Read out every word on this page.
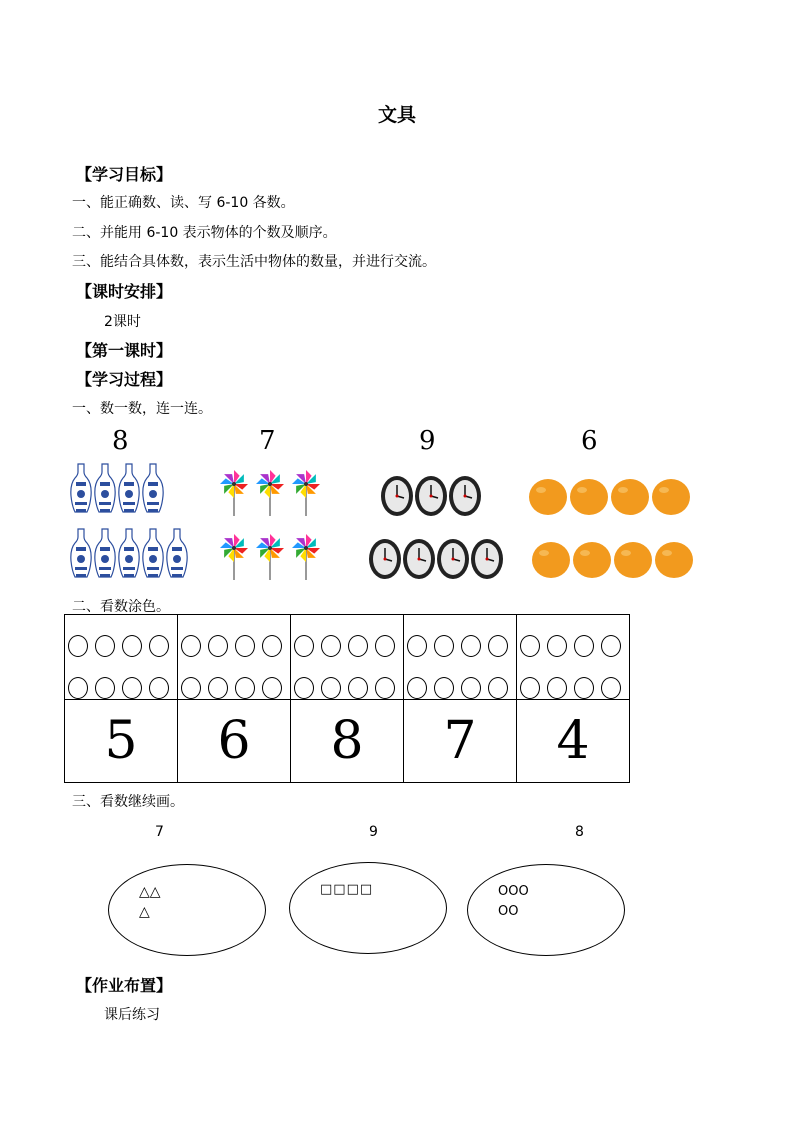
文具
【学习目标】
一、能正确数、读、写 6-10 各数。
二、并能用 6-10 表示物体的个数及顺序。
三、能结合具体数，表示生活中物体的数量，并进行交流。
【课时安排】
2课时
【第一课时】
【学习过程】
一、数一数，连一连。
8	7	9	6
二、看数涂色。

5	6	8	7	4
三、看数继续画。
7	9	8
△△
△
□□□□	OOO
OO
【作业布置】
课后练习
